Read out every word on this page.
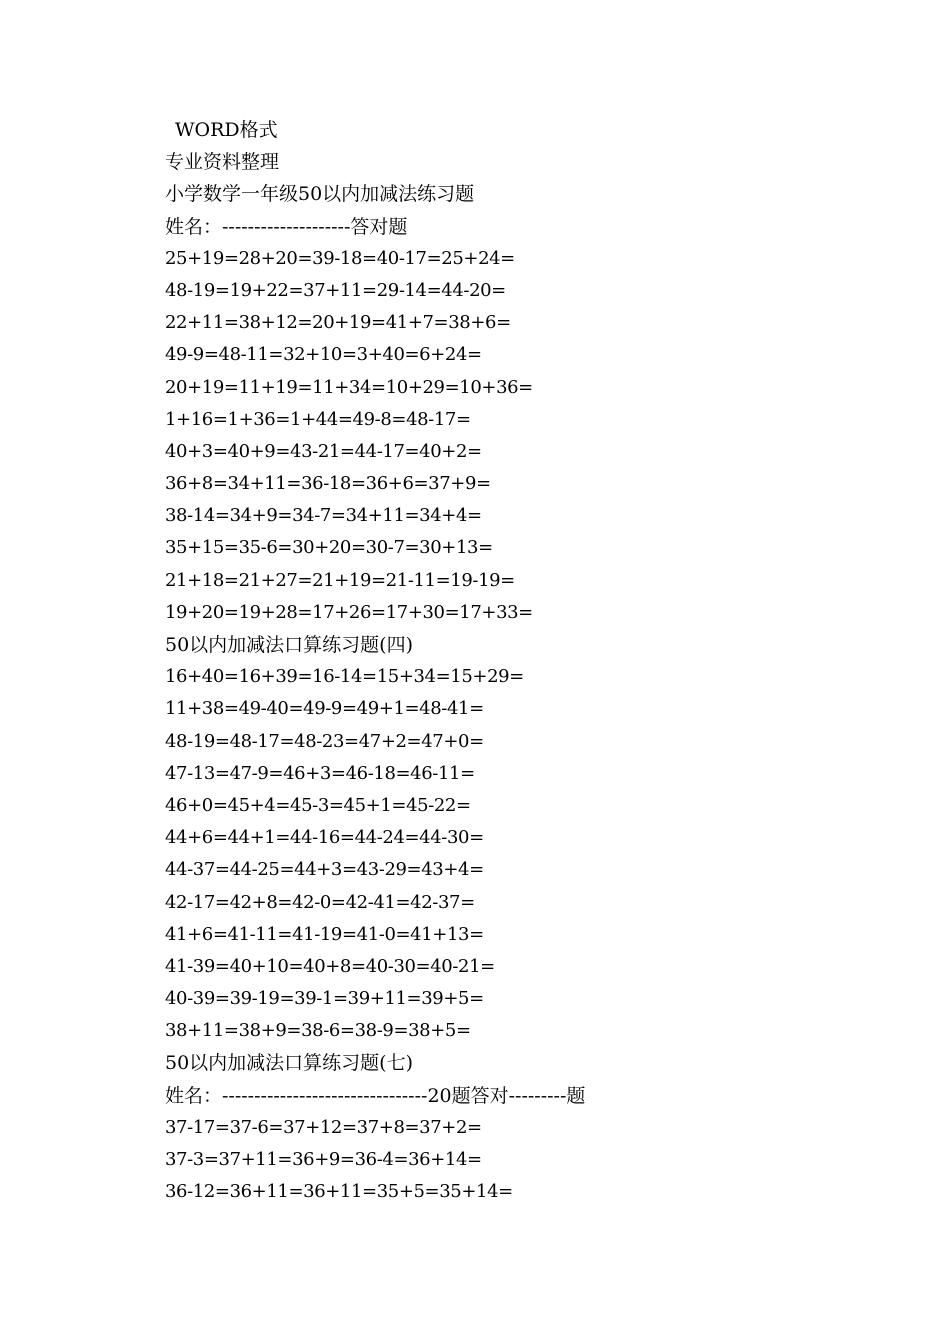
WORD格式
专业资料整理
小学数学一年级50以内加减法练习题
姓名：--------------------答对题
25+19=28+20=39-18=40-17=25+24=
48-19=19+22=37+11=29-14=44-20=
22+11=38+12=20+19=41+7=38+6=
49-9=48-11=32+10=3+40=6+24=
20+19=11+19=11+34=10+29=10+36=
1+16=1+36=1+44=49-8=48-17=
40+3=40+9=43-21=44-17=40+2=
36+8=34+11=36-18=36+6=37+9=
38-14=34+9=34-7=34+11=34+4=
35+15=35-6=30+20=30-7=30+13=
21+18=21+27=21+19=21-11=19-19=
19+20=19+28=17+26=17+30=17+33=
50以内加减法口算练习题(四)
16+40=16+39=16-14=15+34=15+29=
11+38=49-40=49-9=49+1=48-41=
48-19=48-17=48-23=47+2=47+0=
47-13=47-9=46+3=46-18=46-11=
46+0=45+4=45-3=45+1=45-22=
44+6=44+1=44-16=44-24=44-30=
44-37=44-25=44+3=43-29=43+4=
42-17=42+8=42-0=42-41=42-37=
41+6=41-11=41-19=41-0=41+13=
41-39=40+10=40+8=40-30=40-21=
40-39=39-19=39-1=39+11=39+5=
38+11=38+9=38-6=38-9=38+5=
50以内加减法口算练习题(七)
姓名：--------------------------------20题答对---------题
37-17=37-6=37+12=37+8=37+2=
37-3=37+11=36+9=36-4=36+14=
36-12=36+11=36+11=35+5=35+14=
